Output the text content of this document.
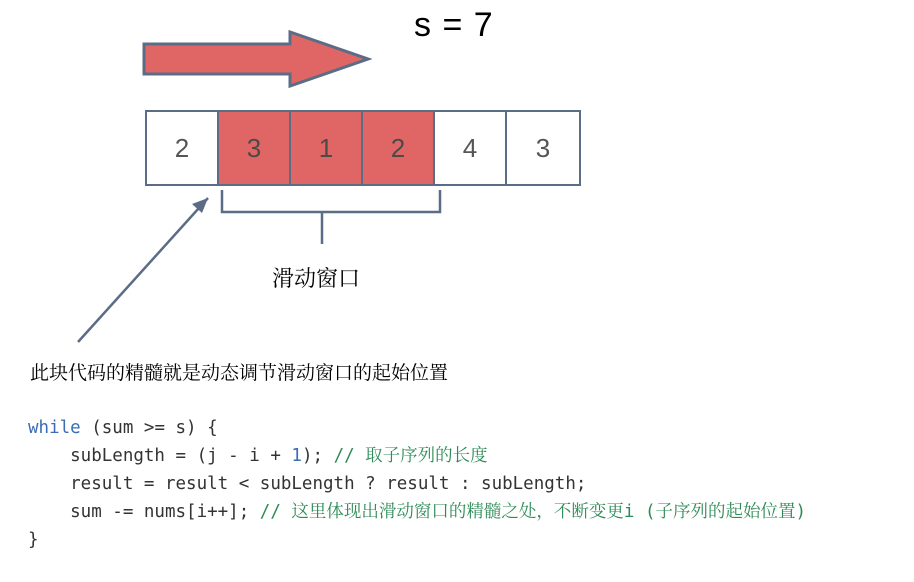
s = 7
2	3	1	2	4	3
滑动窗口
此块代码的精髓就是动态调节滑动窗口的起始位置

while (sum >= s) {
subLength = (j - i + 1); // 取子序列的长度
result = result < subLength ? result : subLength;
sum -= nums[i++]; // 这里体现出滑动窗口的精髓之处，不断变更i (子序列的起始位置)
}
